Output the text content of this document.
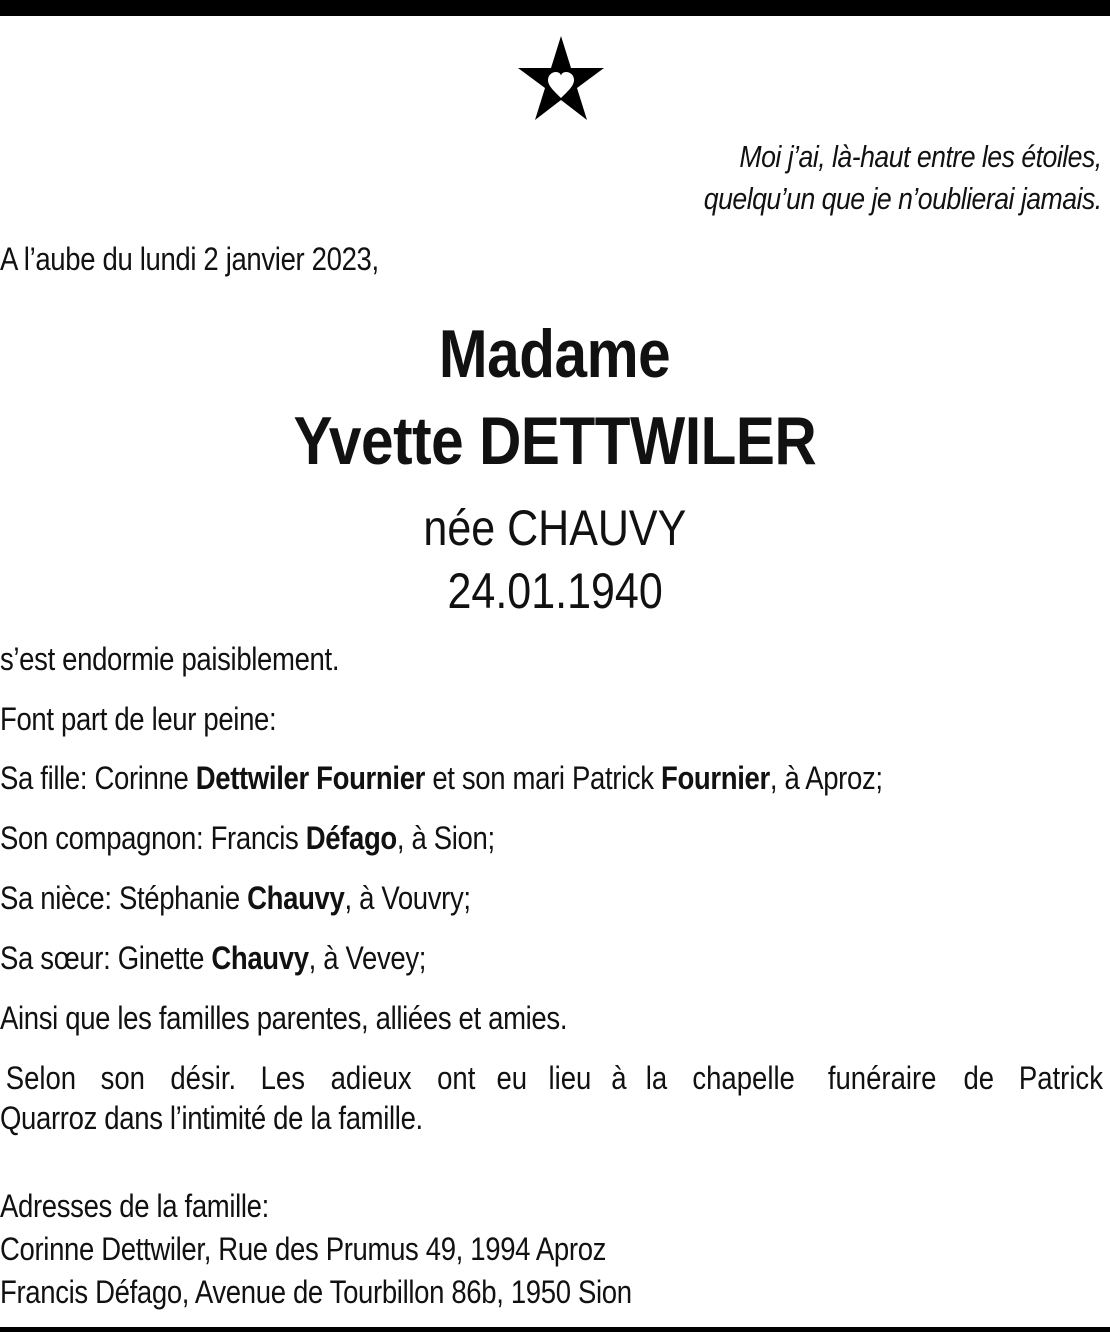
Moi j’ai, là-haut entre les étoiles,
quelqu’un que je n’oublierai jamais.
A l’aube du lundi 2 janvier 2023,
Madame
Yvette DETTWILER
née CHAUVY
24.01.1940
s’est endormie paisiblement.
Font part de leur peine:
Sa fille: Corinne Dettwiler Fournier et son mari Patrick Fournier, à Aproz;
Son compagnon: Francis Défago, à Sion;
Sa nièce: Stéphanie Chauvy, à Vouvry;
Sa sœur: Ginette Chauvy, à Vevey;
Ainsi que les familles parentes, alliées et amies.
Selon son désir. Les adieux ont eu lieu à la chapelle funéraire de Patrick
Quarroz dans l’intimité de la famille.
Adresses de la famille:
Corinne Dettwiler, Rue des Prumus 49, 1994 Aproz
Francis Défago, Avenue de Tourbillon 86b, 1950 Sion
